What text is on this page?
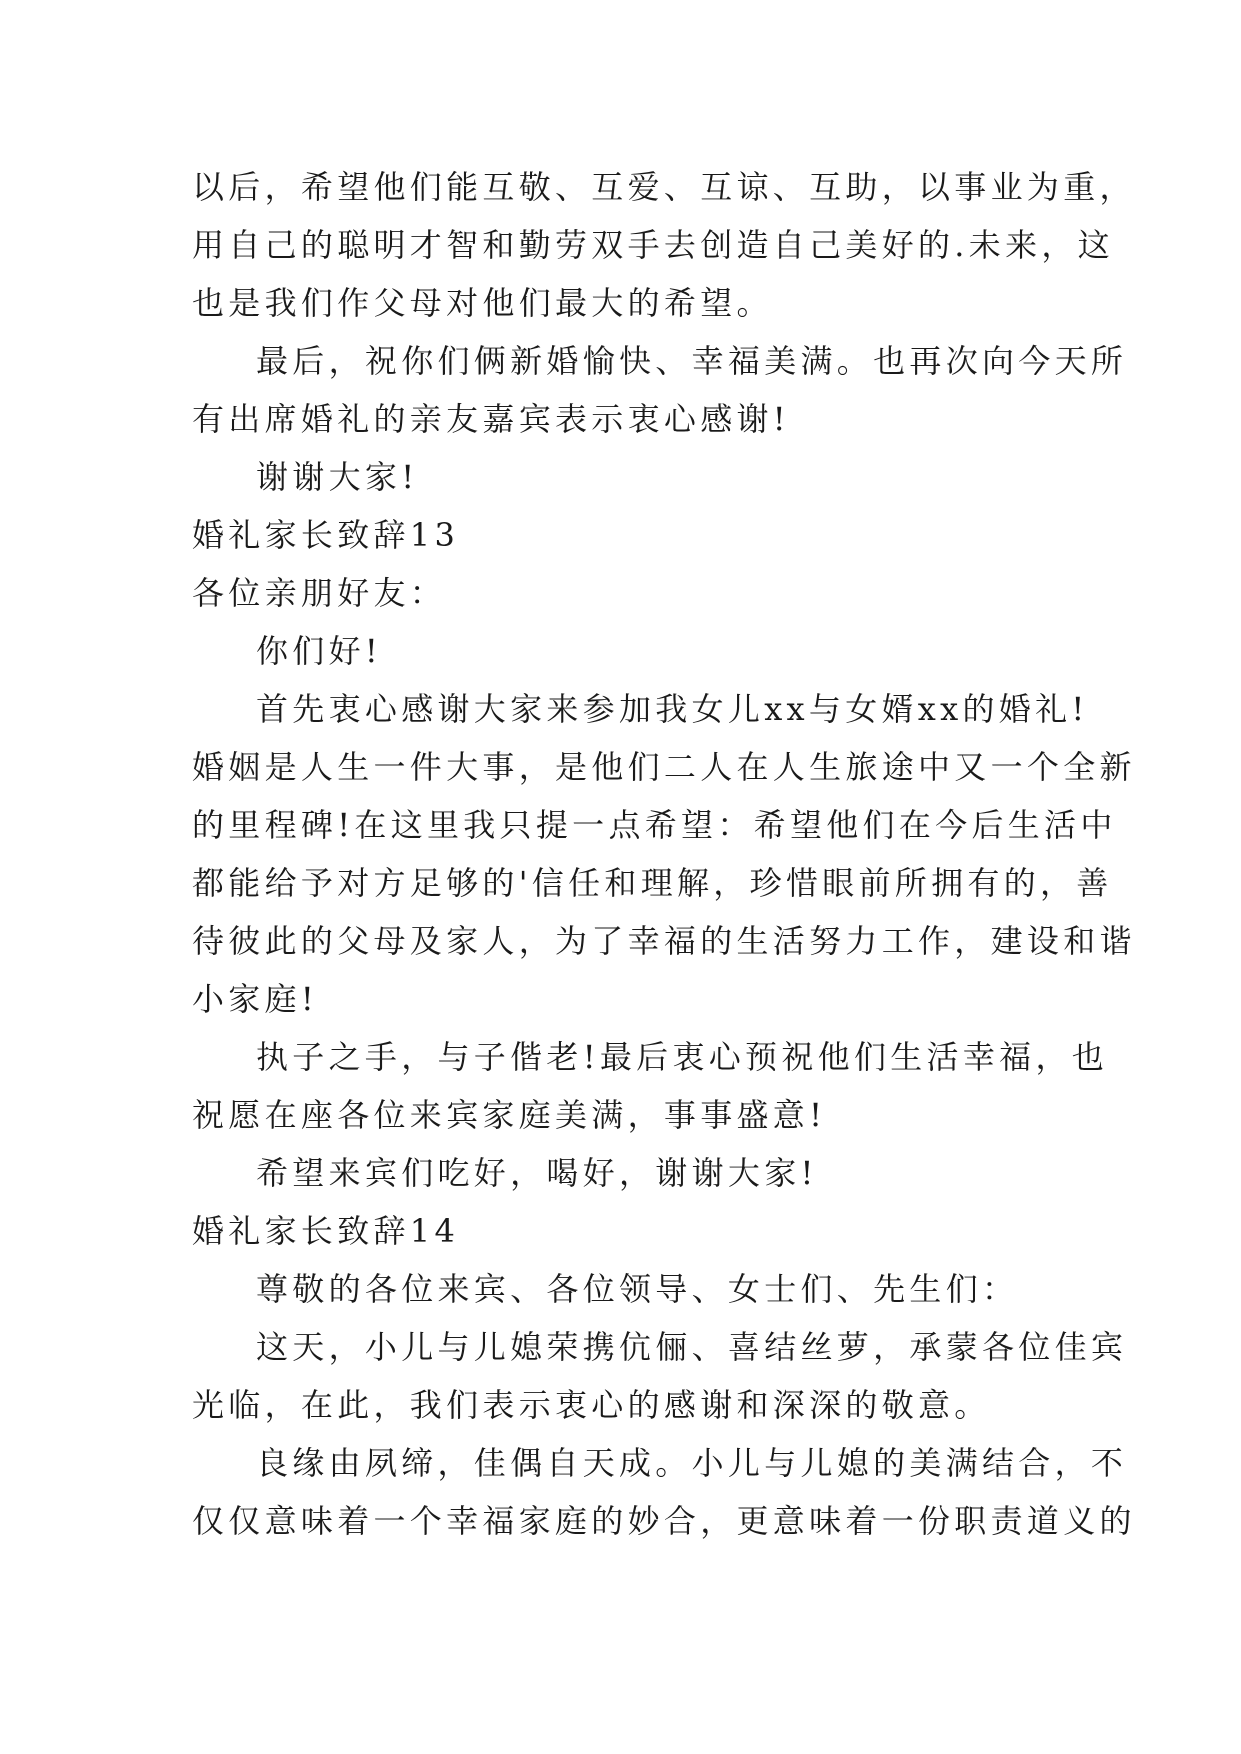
以后，希望他们能互敬、互爱、互谅、互助，以事业为重，
用自己的聪明才智和勤劳双手去创造自己美好的.未来，这
也是我们作父母对他们最大的希望。
最后，祝你们俩新婚愉快、幸福美满。也再次向今天所
有出席婚礼的亲友嘉宾表示衷心感谢!
谢谢大家!
婚礼家长致辞13
各位亲朋好友：
你们好!
首先衷心感谢大家来参加我女儿xx与女婿xx的婚礼!
婚姻是人生一件大事，是他们二人在人生旅途中又一个全新
的里程碑!在这里我只提一点希望：希望他们在今后生活中
都能给予对方足够的'信任和理解，珍惜眼前所拥有的，善
待彼此的父母及家人，为了幸福的生活努力工作，建设和谐
小家庭!
执子之手，与子偕老!最后衷心预祝他们生活幸福，也
祝愿在座各位来宾家庭美满，事事盛意!
希望来宾们吃好，喝好，谢谢大家!
婚礼家长致辞14
尊敬的各位来宾、各位领导、女士们、先生们：
这天，小儿与儿媳荣携伉俪、喜结丝萝，承蒙各位佳宾
光临，在此，我们表示衷心的感谢和深深的敬意。
良缘由夙缔，佳偶自天成。小儿与儿媳的美满结合，不
仅仅意味着一个幸福家庭的妙合，更意味着一份职责道义的
